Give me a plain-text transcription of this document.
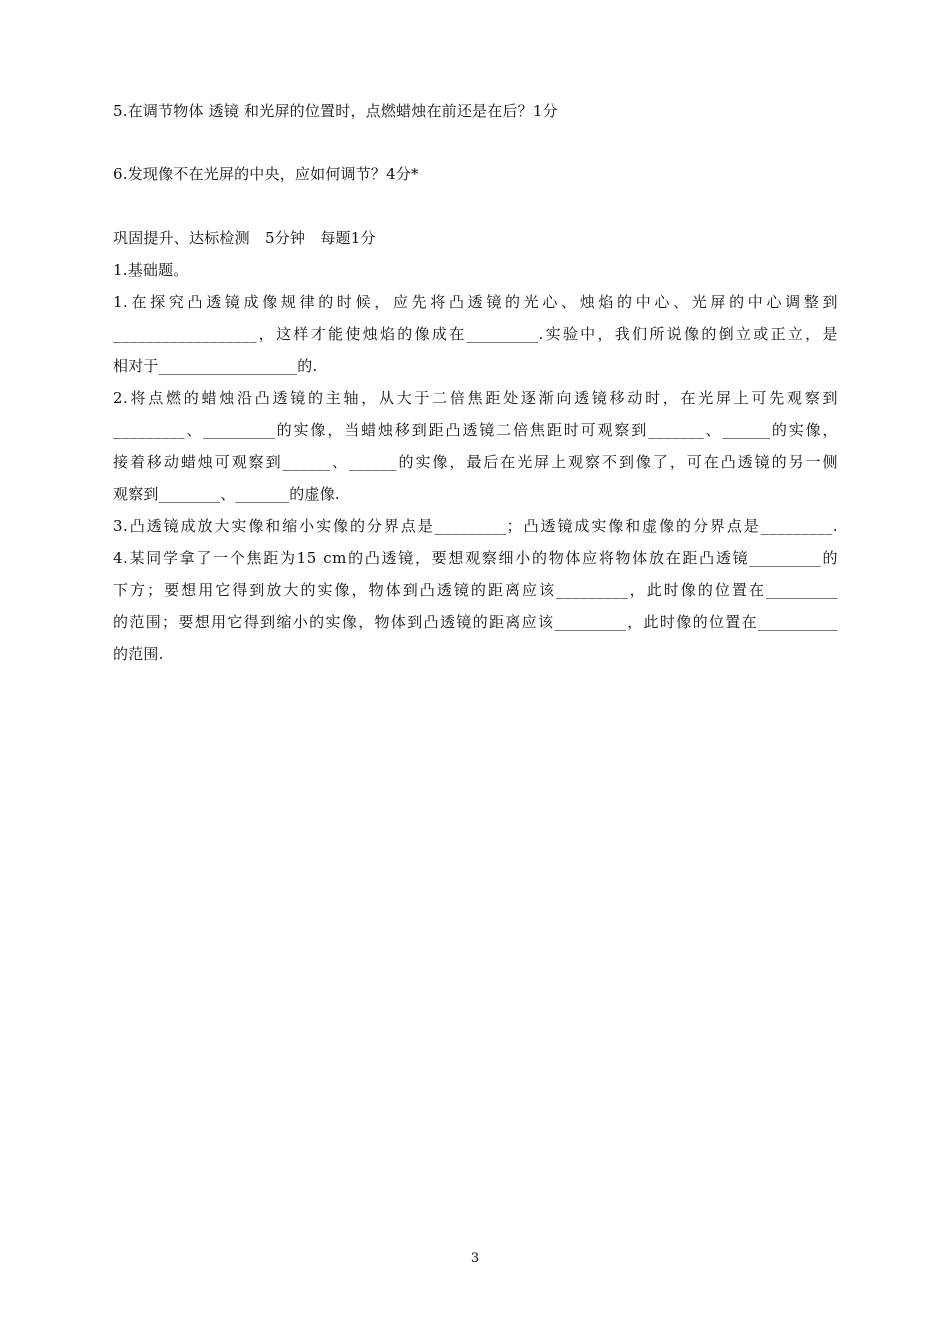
5.在调节物体 透镜 和光屏的位置时，点燃蜡烛在前还是在后？1分
6.发现像不在光屏的中央，应如何调节？4分*
巩固提升、达标检测　5分钟　每题1分
1.基础题。
1.在探究凸透镜成像规律的时候，应先将凸透镜的光心、烛焰的中心、光屏的中心调整到
__________________，这样才能使烛焰的像成在_________.实验中，我们所说像的倒立或正立，是
相对于__________________的.
2.将点燃的蜡烛沿凸透镜的主轴，从大于二倍焦距处逐渐向透镜移动时，在光屏上可先观察到
_________、_________的实像，当蜡烛移到距凸透镜二倍焦距时可观察到_______、______的实像，
接着移动蜡烛可观察到______、______的实像，最后在光屏上观察不到像了，可在凸透镜的另一侧
观察到________、_______的虚像.
3.凸透镜成放大实像和缩小实像的分界点是_________；凸透镜成实像和虚像的分界点是_________.
4.某同学拿了一个焦距为15 cm的凸透镜，要想观察细小的物体应将物体放在距凸透镜_________的
下方；要想用它得到放大的实像，物体到凸透镜的距离应该_________，此时像的位置在_________
的范围；要想用它得到缩小的实像，物体到凸透镜的距离应该_________，此时像的位置在__________
的范围.
3
